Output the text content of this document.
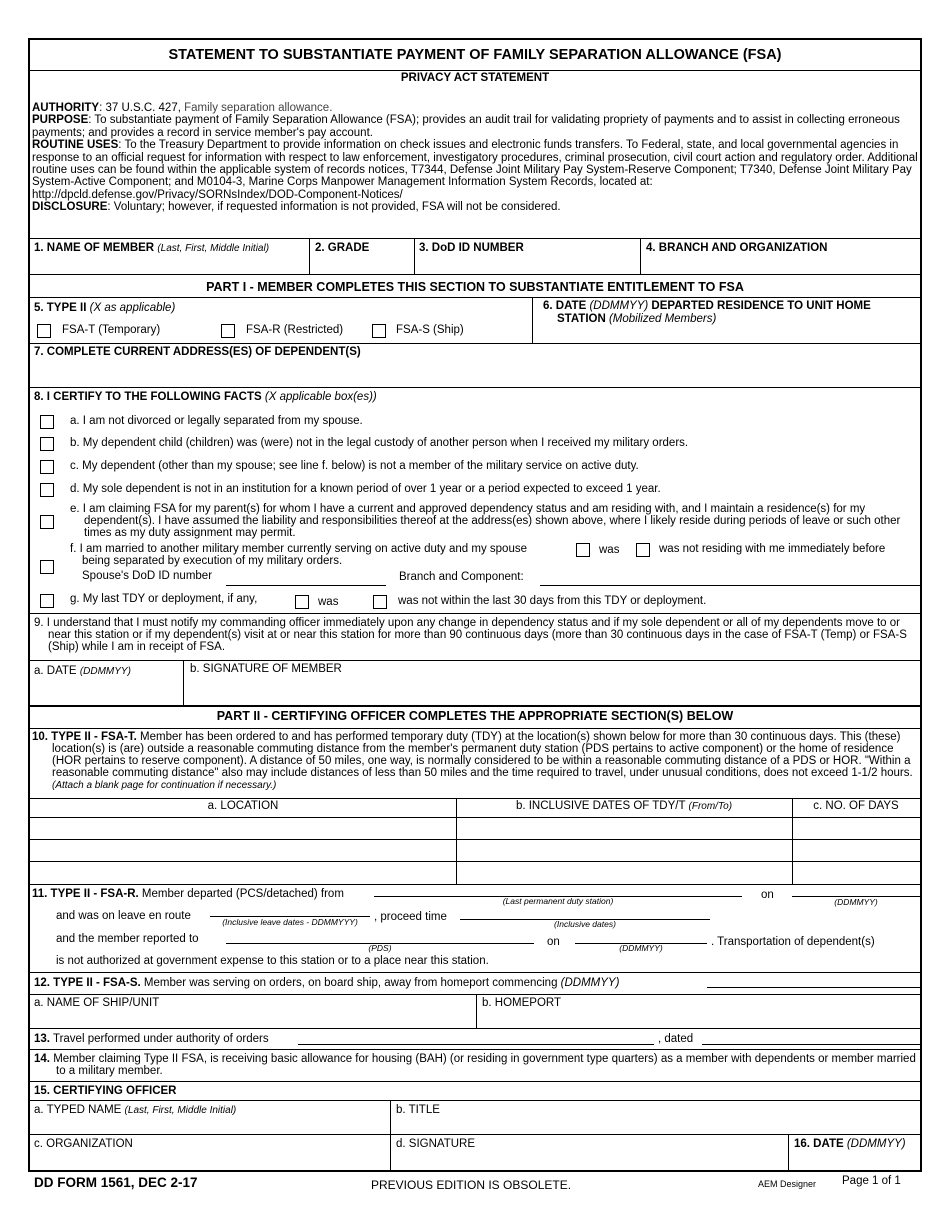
STATEMENT TO SUBSTANTIATE PAYMENT OF FAMILY SEPARATION ALLOWANCE (FSA)
PRIVACY ACT STATEMENT
AUTHORITY: 37 U.S.C. 427, Family separation allowance.
PURPOSE: To substantiate payment of Family Separation Allowance (FSA); provides an audit trail for validating propriety of payments and to assist in collecting erroneous payments; and provides a record in service member's pay account.
ROUTINE USES: To the Treasury Department to provide information on check issues and electronic funds transfers. To Federal, state, and local governmental agencies in response to an official request for information with respect to law enforcement, investigatory procedures, criminal prosecution, civil court action and regulatory order. Additional routine uses can be found within the applicable system of records notices, T7344, Defense Joint Military Pay System-Reserve Component; T7340, Defense Joint Military Pay System-Active Component; and M0104-3, Marine Corps Manpower Management Information System Records, located at: http://dpcld.defense.gov/Privacy/SORNsIndex/DOD-Component-Notices/
DISCLOSURE: Voluntary; however, if requested information is not provided, FSA will not be considered.
1. NAME OF MEMBER (Last, First, Middle Initial)	2. GRADE	3. DoD ID NUMBER	4. BRANCH AND ORGANIZATION
PART I - MEMBER COMPLETES THIS SECTION TO SUBSTANTIATE ENTITLEMENT TO FSA
5. TYPE II (X as applicable)
FSA-T (Temporary)	FSA-R (Restricted)	FSA-S (Ship)
6. DATE (DDMMYY) DEPARTED RESIDENCE TO UNIT HOME
STATION (Mobilized Members)
7. COMPLETE CURRENT ADDRESS(ES) OF DEPENDENT(S)
8. I CERTIFY TO THE FOLLOWING FACTS (X applicable box(es))
a. I am not divorced or legally separated from my spouse.
b. My dependent child (children) was (were) not in the legal custody of another person when I received my military orders.
c. My dependent (other than my spouse; see line f. below) is not a member of the military service on active duty.
d. My sole dependent is not in an institution for a known period of over 1 year or a period expected to exceed 1 year.
e. I am claiming FSA for my parent(s) for whom I have a current and approved dependency status and am residing with, and I maintain a residence(s) for my dependent(s). I have assumed the liability and responsibilities thereof at the address(es) shown above, where I likely reside during periods of leave or such other times as my duty assignment may permit.
f. I am married to another military member currently serving on active duty and my spouse	was	was not residing with me immediately before
being separated by execution of my military orders.
Spouse's DoD ID number	Branch and Component:
g. My last TDY or deployment, if any,	was	was not within the last 30 days from this TDY or deployment.
9. I understand that I must notify my commanding officer immediately upon any change in dependency status and if my sole dependent or all of my dependents move to or near this station or if my dependent(s) visit at or near this station for more than 90 continuous days (more than 30 continuous days in the case of FSA-T (Temp) or FSA-S (Ship) while I am in receipt of FSA.
a. DATE (DDMMYY)	b. SIGNATURE OF MEMBER
PART II - CERTIFYING OFFICER COMPLETES THE APPROPRIATE SECTION(S) BELOW
10. TYPE II - FSA-T. Member has been ordered to and has performed temporary duty (TDY) at the location(s) shown below for more than 30 continuous days. This (these) location(s) is (are) outside a reasonable commuting distance from the member's permanent duty station (PDS pertains to active component) or the home of residence (HOR pertains to reserve component). A distance of 50 miles, one way, is normally considered to be within a reasonable commuting distance of a PDS or HOR. "Within a reasonable commuting distance" also may include distances of less than 50 miles and the time required to travel, under unusual conditions, does not exceed 1-1/2 hours. (Attach a blank page for continuation if necessary.)
a. LOCATION	b. INCLUSIVE DATES OF TDY/T (From/To)	c. NO. OF DAYS
11. TYPE II - FSA-R. Member departed (PCS/detached) from
(Last permanent duty station)	on
(DDMMYY)
and was on leave en route	(Inclusive leave dates - DDMMYYY)	, proceed time
(Inclusive dates)
and the member reported to
(PDS)	on	(DDMMYY)	. Transportation of dependent(s)
is not authorized at government expense to this station or to a place near this station.
12. TYPE II - FSA-S. Member was serving on orders, on board ship, away from homeport commencing (DDMMYY)
a. NAME OF SHIP/UNIT	b. HOMEPORT
13. Travel performed under authority of orders	, dated
14. Member claiming Type II FSA, is receiving basic allowance for housing (BAH) (or residing in government type quarters) as a member with dependents or member married to a military member.
15. CERTIFYING OFFICER
a. TYPED NAME (Last, First, Middle Initial)	b. TITLE
c. ORGANIZATION	d. SIGNATURE	16. DATE (DDMMYY)
DD FORM 1561, DEC 2-17	PREVIOUS EDITION IS OBSOLETE.	AEM Designer Page 1 of 1
